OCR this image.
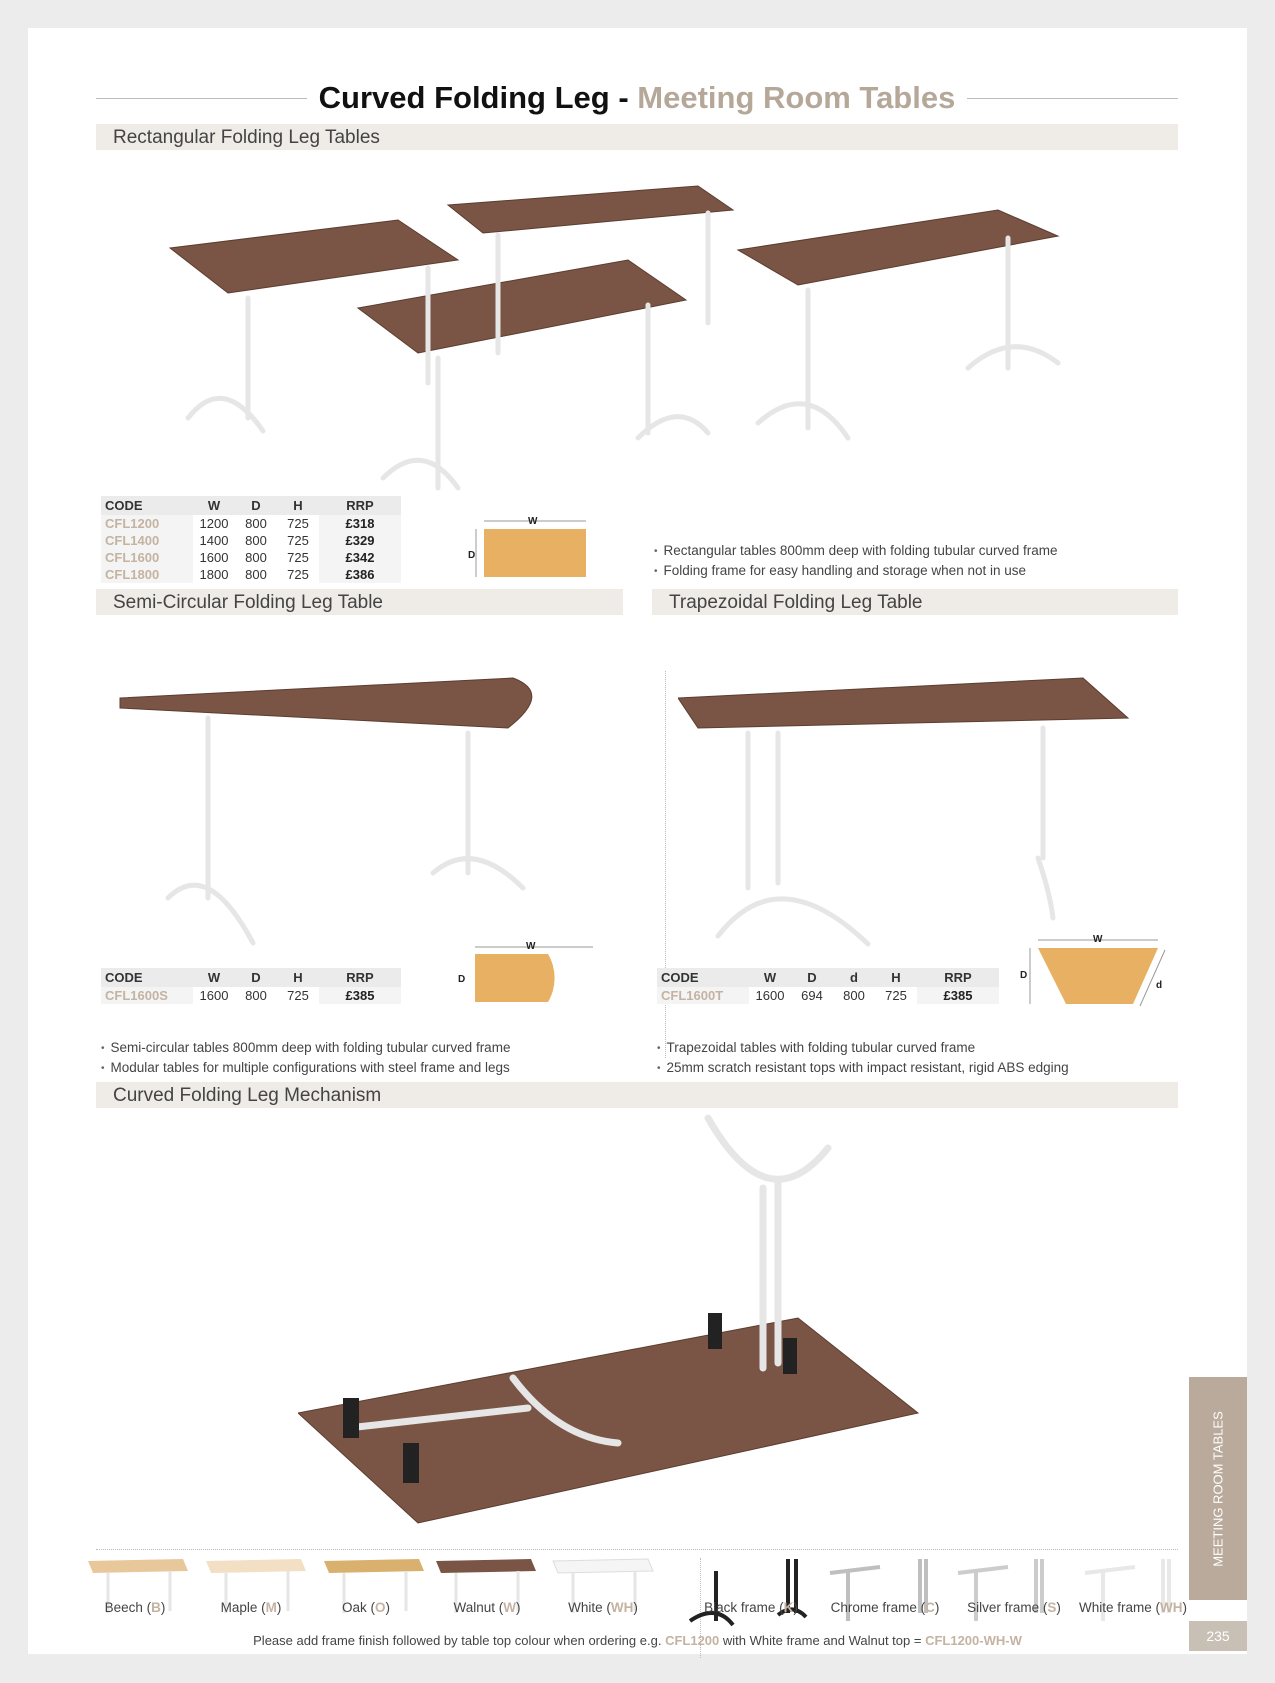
Curved Folding Leg - Meeting Room Tables
Rectangular Folding Leg Tables
CODE	W	D	H	RRP
CFL1200	1200	800	725	£318
CFL1400	1400	800	725	£329
CFL1600	1600	800	725	£342
CFL1800	1800	800	725	£386
W
D	• Rectangular tables 800mm deep with folding tubular curved frame
• Folding frame for easy handling and storage when not in use
Semi-Circular Folding Leg Table	Trapezoidal Folding Leg Table
CODE	W	D	H	RRP
CFL1600S	1600	800	725	£385
W
D
• Semi-circular tables 800mm deep with folding tubular curved frame
• Modular tables for multiple configurations with steel frame and legs
CODE	W	D	d	H	RRP
CFL1600T	1600	694	800	725	£385
W
D
d
• Trapezoidal tables with folding tubular curved frame
• 25mm scratch resistant tops with impact resistant, rigid ABS edging
Curved Folding Leg Mechanism
Beech (B)	Maple (M)	Oak (O)	Walnut (W)	White (WH)	Black frame (K)	Chrome frame (C)	Silver frame (S)	White frame (WH)
Please add frame finish followed by table top colour when ordering e.g. CFL1200 with White frame and Walnut top = CFL1200-WH-W
MEETING ROOM TABLES
235
